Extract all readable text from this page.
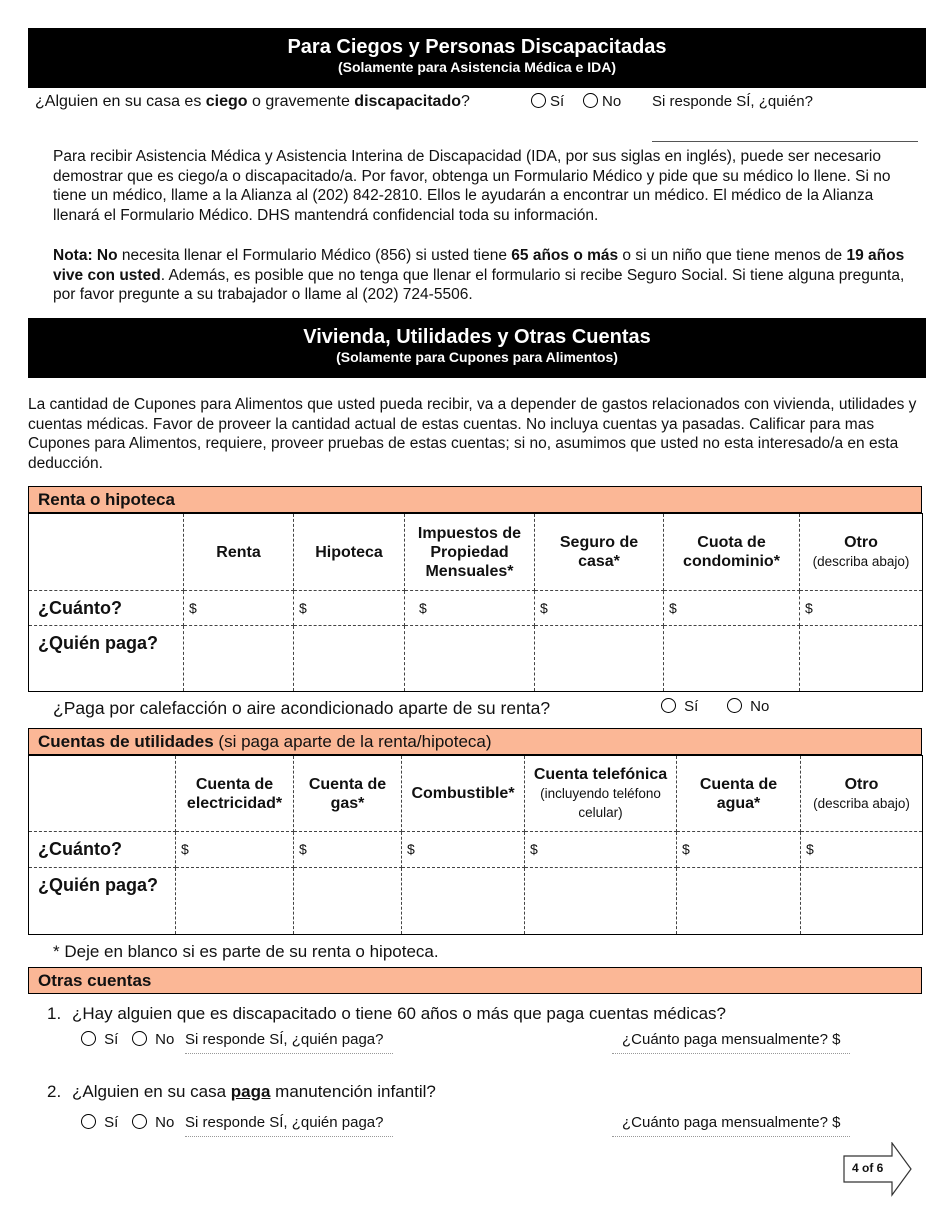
Para Ciegos y Personas Discapacitadas
(Solamente para Asistencia Médica e IDA)
¿Alguien en su casa es ciego o gravemente discapacitado?	Sí	No Si responde SÍ, ¿quién?
Para recibir Asistencia Médica y Asistencia Interina de Discapacidad (IDA, por sus siglas en inglés), puede ser necesario demostrar que es ciego/a o discapacitado/a. Por favor, obtenga un Formulario Médico y pide que su médico lo llene. Si no tiene un médico, llame a la Alianza al (202) 842-2810. Ellos le ayudarán a encontrar un médico. El médico de la Alianza llenará el Formulario Médico. DHS mantendrá confidencial toda su información.
Nota: No necesita llenar el Formulario Médico (856) si usted tiene 65 años o más o si un niño que tiene menos de 19 años vive con usted. Además, es posible que no tenga que llenar el formulario si recibe Seguro Social. Si tiene alguna pregunta, por favor pregunte a su trabajador o llame al (202) 724-5506.
Vivienda, Utilidades y Otras Cuentas
(Solamente para Cupones para Alimentos)
La cantidad de Cupones para Alimentos que usted pueda recibir, va a depender de gastos relacionados con vivienda, utilidades y cuentas médicas. Favor de proveer la cantidad actual de estas cuentas. No incluya cuentas ya pasadas. Calificar para mas Cupones para Alimentos, requiere, proveer pruebas de estas cuentas; si no, asumimos que usted no esta interesado/a en esta deducción.
Renta o hipoteca
	Renta	Hipoteca	Impuestos de Propiedad Mensuales*	Seguro de casa*	Cuota de condominio*	Otro
(describa abajo)

¿Cuánto?	$	$	$	$	$	$
¿Quién paga?						
¿Paga por calefacción o aire acondicionado aparte de su renta?	Sí	No
Cuentas de utilidades (si paga aparte de la renta/hipoteca)
	Cuenta de electricidad*	Cuenta de gas*	Combustible*	Cuenta telefónica
(incluyendo teléfono celular)	Cuenta de agua*	Otro
(describa abajo)

¿Cuánto?	$	$	$	$	$	$
¿Quién paga?						
* Deje en blanco si es parte de su renta o hipoteca.
Otras cuentas
1. ¿Hay alguien que es discapacitado o tiene 60 años o más que paga cuentas médicas?
Sí	No Si responde SÍ, ¿quién paga?	¿Cuánto paga mensualmente? $
2. ¿Alguien en su casa paga manutención infantil?
Sí	No Si responde SÍ, ¿quién paga?	¿Cuánto paga mensualmente? $
4 of 6
